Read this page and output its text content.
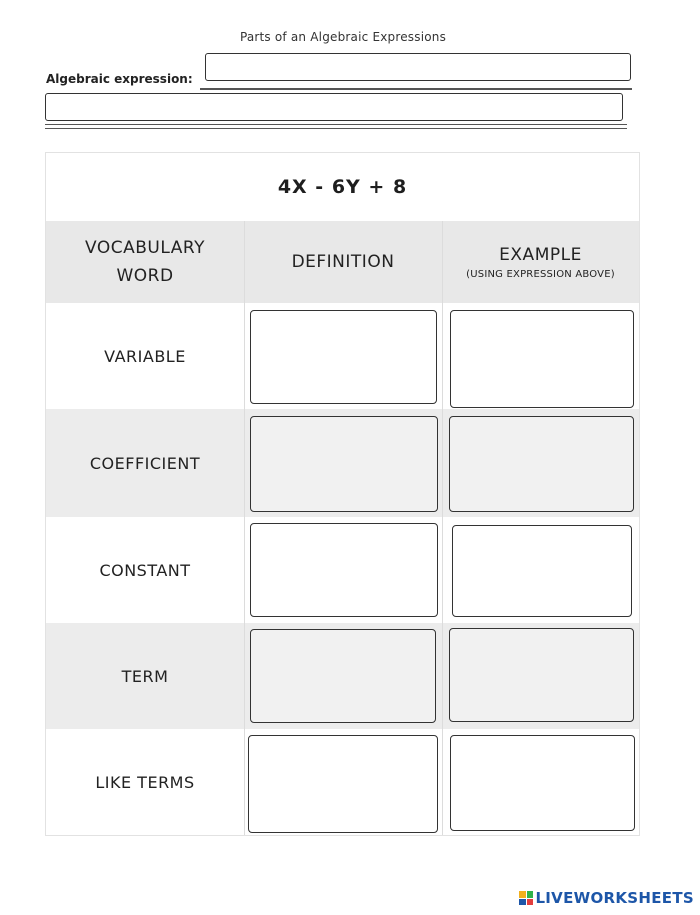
Parts of an Algebraic Expressions
Algebraic expression:
4X - 6Y + 8
VOCABULARY WORD
DEFINITION	EXAMPLE
(USING EXPRESSION ABOVE)
VARIABLE
COEFFICIENT
CONSTANT
TERM
LIKE TERMS
LIVEWORKSHEETS
